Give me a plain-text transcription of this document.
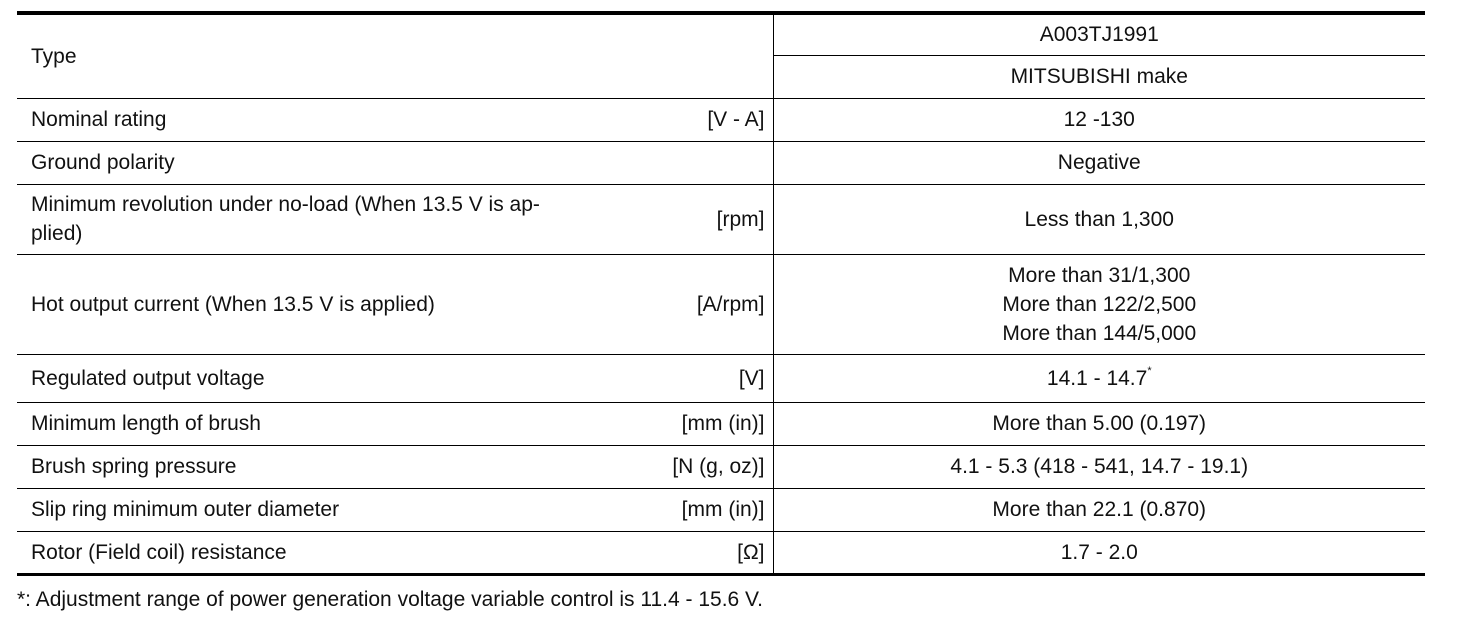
Type		A003TJ1991
		MITSUBISHI make
Nominal rating	[V - A]	12 -130
Ground polarity		Negative

Minimum revolution under no-load (When 13.5 V is ap-
plied)	[rpm]	Less than 1,300
Hot output current (When 13.5 V is applied)	[A/rpm]	More than 31/1,300
More than 122/2,500
More than 144/5,000

Regulated output voltage	[V]	14.1 - 14.7*
Minimum length of brush	[mm (in)]	More than 5.00 (0.197)
Brush spring pressure	[N (g, oz)]	4.1 - 5.3 (418 - 541, 14.7 - 19.1)
Slip ring minimum outer diameter	[mm (in)]	More than 22.1 (0.870)
Rotor (Field coil) resistance	[Ω]	1.7 - 2.0

*: Adjustment range of power generation voltage variable control is 11.4 - 15.6 V.
